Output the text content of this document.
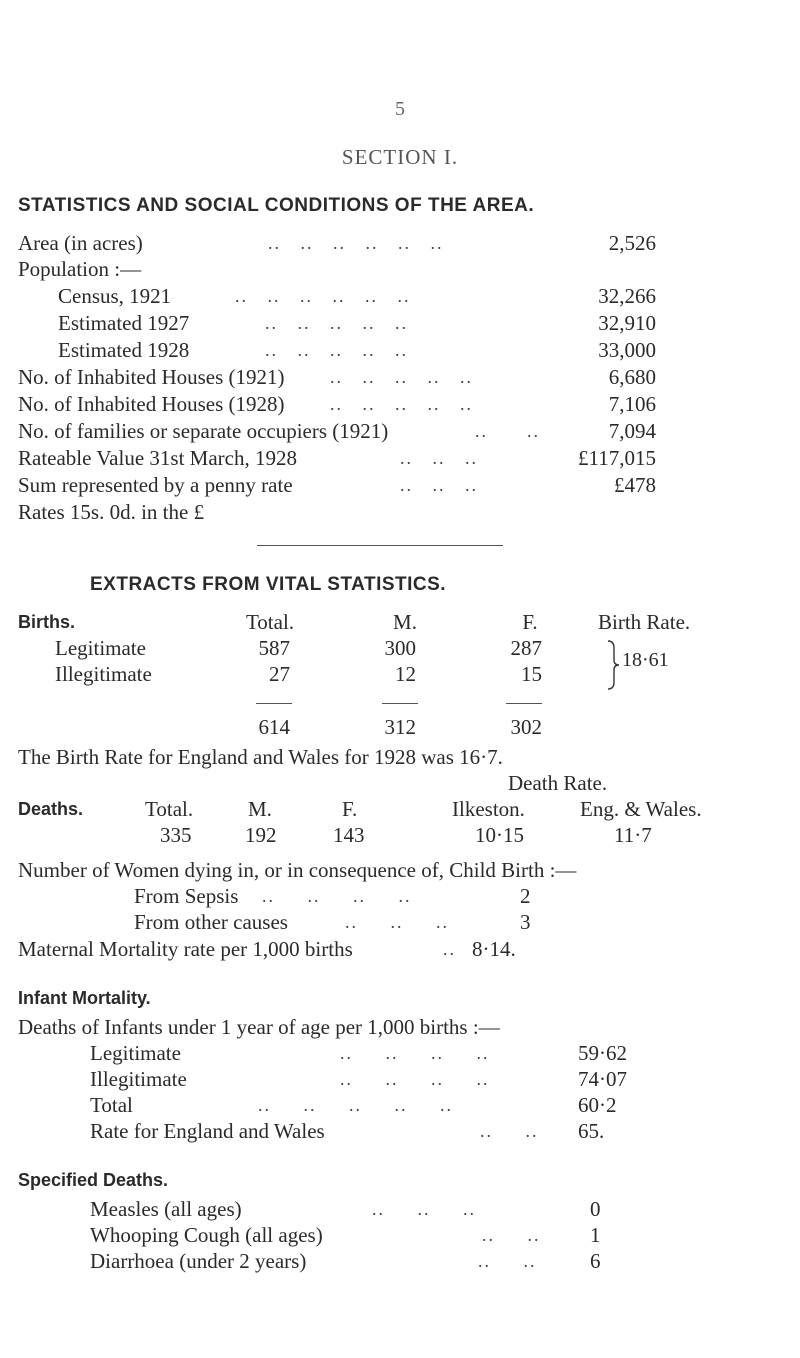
5
SECTION I.
STATISTICS AND SOCIAL CONDITIONS OF THE AREA.
Area (in acres)	..   ..   ..   ..   ..   ..	2,526
Population :—
Census, 1921	..   ..   ..   ..   ..   ..	32,266
Estimated 1927	..   ..   ..   ..   ..	32,910
Estimated 1928	..   ..   ..   ..   ..	33,000
No. of Inhabited Houses (1921)	..   ..   ..   ..   ..	6,680
No. of Inhabited Houses (1928)	..   ..   ..   ..   ..	7,106
No. of families or separate occupiers (1921)	..      ..	7,094
Rateable Value 31st March, 1928	..   ..   ..	£117,015
Sum represented by a penny rate	..   ..   ..	£478
Rates 15s. 0d. in the £
EXTRACTS FROM VITAL STATISTICS.
Births.	Total.	M.	F.	Birth Rate.
Legitimate	587	300	287
Illegitimate	27	12	15
18·61
614	312	302
The Birth Rate for England and Wales for 1928 was 16·7.
Death Rate.
Deaths.	Total.	M.	F.	Ilkeston.	Eng. & Wales.
335	192	143	10·15	11·7
Number of Women dying in, or in consequence of, Child Birth :—
From Sepsis ..     ..     ..     ..	2
From other causes	..     ..     ..	3
Maternal Mortality rate per 1,000 births	.. 8·14.
Infant Mortality.
Deaths of Infants under 1 year of age per 1,000 births :—
Legitimate	..     ..     ..     ..	59·62
Illegitimate	..     ..     ..     ..	74·07
Total	..     ..     ..     ..     ..	60·2
Rate for England and Wales	..     .. 65.
Specified Deaths.
Measles (all ages)	..     ..     ..	0
Whooping Cough (all ages)	..     .. 1
Diarrhoea (under 2 years)	..     ..	6
